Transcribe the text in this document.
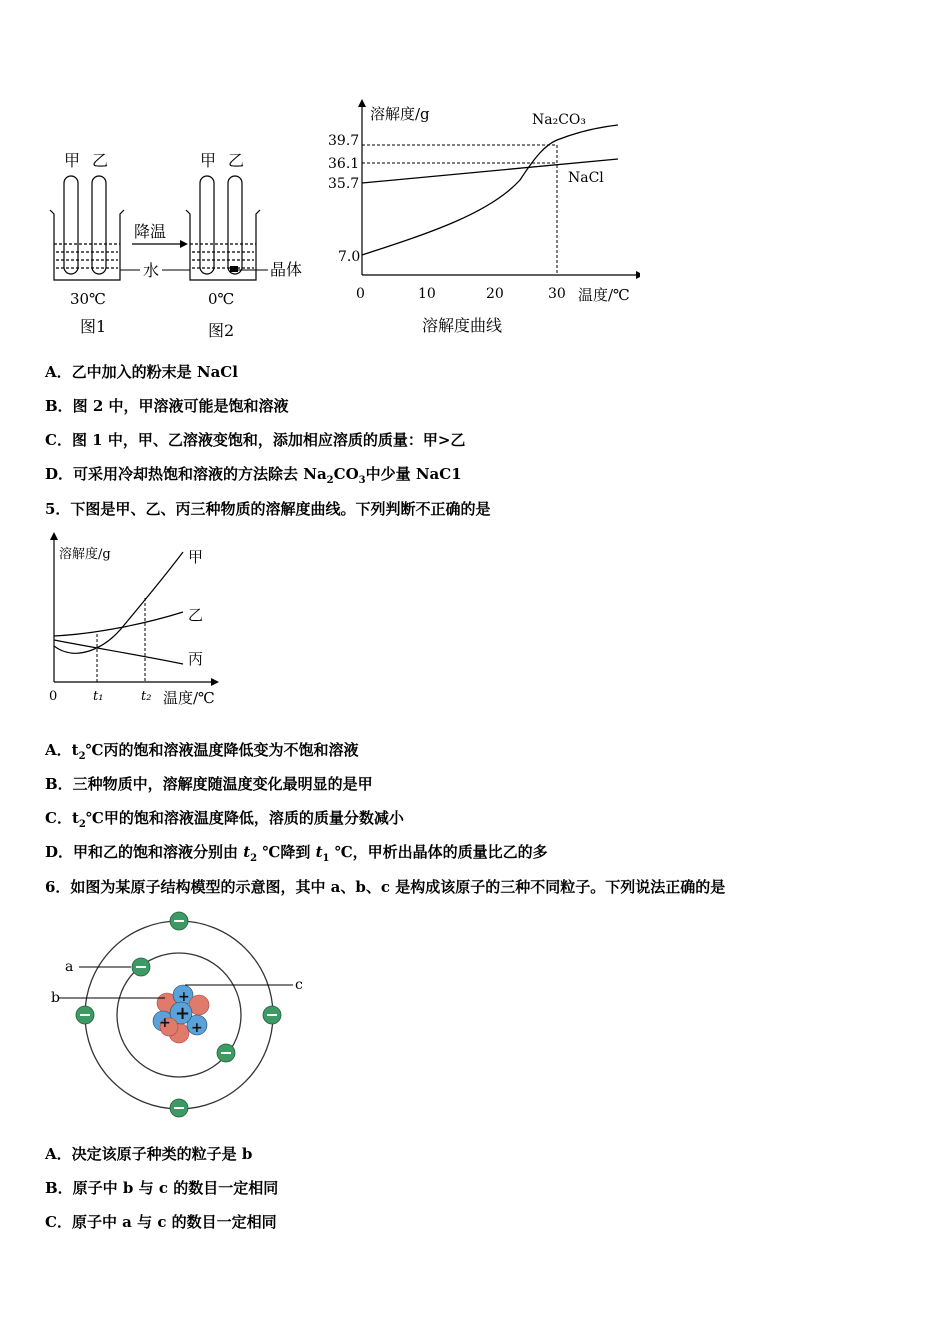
甲 乙	甲 乙
降温
水	晶体
30℃	0℃
图1	图2
溶解度/g
温度/℃
39.7
36.1
35.7
7.0
0	10	20	30
Na₂CO₃
NaCl
溶解度曲线
A．乙中加入的粉末是 NaCl
B．图 2 中，甲溶液可能是饱和溶液
C．图 1 中，甲、乙溶液变饱和，添加相应溶质的质量：甲>乙
D．可采用冷却热饱和溶液的方法除去 $Na_2CO_3$中少量 NaC1
5．下图是甲、乙、丙三种物质的溶解度曲线。下列判断不正确的是
溶解度/g	甲
乙
丙
0	t₁	t₂ 温度/℃
A．$t_2℃$丙的饱和溶液温度降低变为不饱和溶液
B．三种物质中，溶解度随温度变化最明显的是甲
C．$t_2℃$甲的饱和溶液温度降低，溶质的质量分数减小
D．甲和乙的饱和溶液分别由 $t_2$ ℃降到 $t_1$ ℃，甲析出晶体的质量比乙的多
6．如图为某原子结构模型的示意图，其中 a、b、c 是构成该原子的三种不同粒子。下列说法正确的是
+
+
+
+
a
b
c
A．决定该原子种类的粒子是 b
B．原子中 b 与 c 的数目一定相同
C．原子中 a 与 c 的数目一定相同
